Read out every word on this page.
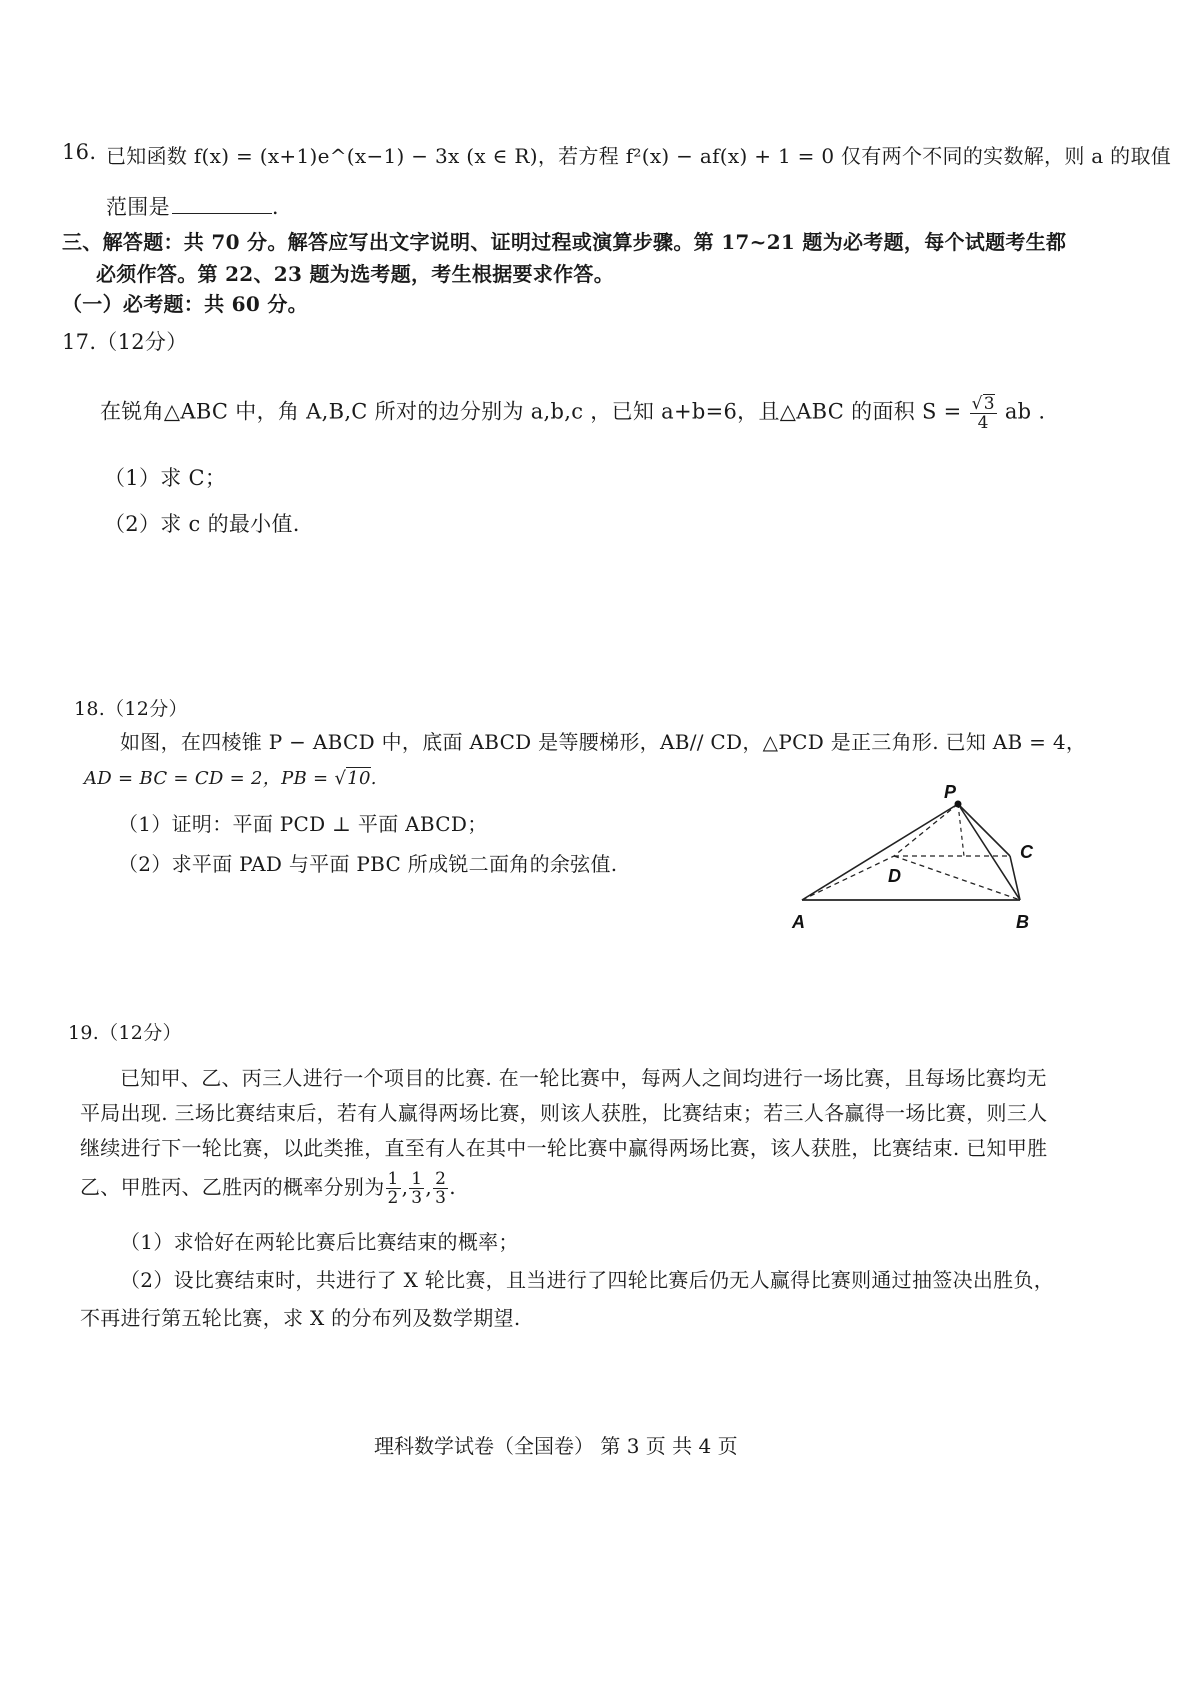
16. 已知函数 f(x) = (x+1)e^(x−1) − 3x (x ∈ R)，若方程 f²(x) − af(x) + 1 = 0 仅有两个不同的实数解，则 a 的取值
范围是	.
三、解答题：共 70 分。解答应写出文字说明、证明过程或演算步骤。第 17~21 题为必考题，每个试题考生都
必须作答。第 22、23 题为选考题，考生根据要求作答。
（一）必考题：共 60 分。
17.（12分）
在锐角△ABC 中，角 A,B,C 所对的边分别为 a,b,c ，已知 a+b=6，且△ABC 的面积 $S = \frac{√3}{4}$ ab .
（1）求 C；
（2）求 c 的最小值.
18.（12分）
如图，在四棱锥 P − ABCD 中，底面 ABCD 是等腰梯形，AB// CD，△PCD 是正三角形. 已知 AB = 4，
AD = BC = CD = 2，PB = √10.
（1）证明：平面 PCD ⊥ 平面 ABCD；
（2）求平面 PAD 与平面 PBC 所成锐二面角的余弦值.
P
C
D
A	B
19.（12分）
已知甲、乙、丙三人进行一个项目的比赛. 在一轮比赛中，每两人之间均进行一场比赛，且每场比赛均无
平局出现. 三场比赛结束后，若有人赢得两场比赛，则该人获胜，比赛结束；若三人各赢得一场比赛，则三人
继续进行下一轮比赛，以此类推，直至有人在其中一轮比赛中赢得两场比赛，该人获胜，比赛结束. 已知甲胜
乙、甲胜丙、乙胜丙的概率分别为 $\frac{1}{2}$ , $\frac{1}{3}$ , $\frac{2}{3}$ .
（1）求恰好在两轮比赛后比赛结束的概率；
（2）设比赛结束时，共进行了 X 轮比赛，且当进行了四轮比赛后仍无人赢得比赛则通过抽签决出胜负，
不再进行第五轮比赛，求 X 的分布列及数学期望.
理科数学试卷（全国卷） 第 3 页 共 4 页
